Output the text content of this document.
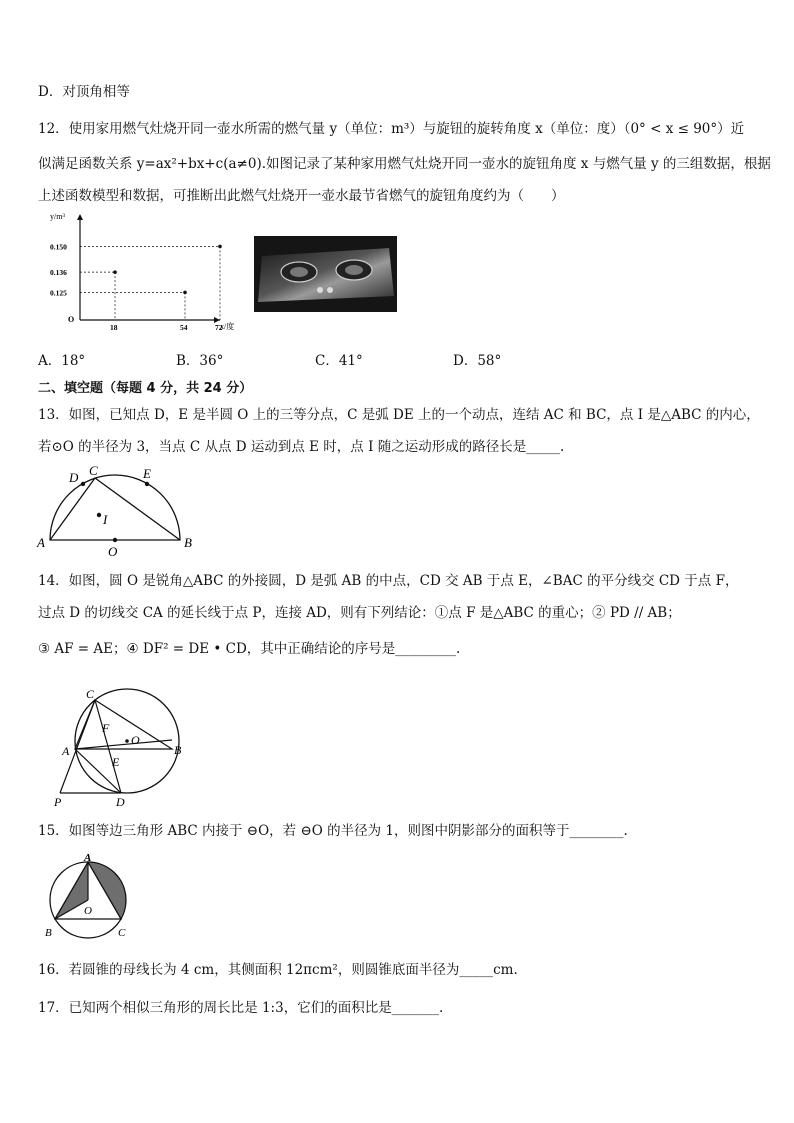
D．对顶角相等
12．使用家用燃气灶烧开同一壶水所需的燃气量 y（单位：m³）与旋钮的旋转角度 x（单位：度）（0° < x ≤ 90°）近
似满足函数关系 y=ax²+bx+c(a≠0).如图记录了某种家用燃气灶烧开同一壶水的旋钮角度 x 与燃气量 y 的三组数据，根据
上述函数模型和数据，可推断出此燃气灶烧开一壶水最节省燃气的旋钮角度约为（　　）
y/m³
x/度
O
18	54	72
0.150
0.136
0.125
A．18°	B．36°	C．41°	D．58°
二、填空题（每题 4 分，共 24 分）
13．如图，已知点 D，E 是半圆 O 上的三等分点，C 是弧 DE 上的一个动点，连结 AC 和 BC，点 I 是△ABC 的内心，
若⊙O 的半径为 3，当点 C 从点 D 运动到点 E 时，点 I 随之运动形成的路径长是_____.
A	B
C
D	E
I
O
14．如图，圆 O 是锐角△ABC 的外接圆，D 是弧 AB 的中点，CD 交 AB 于点 E，∠BAC 的平分线交 CD 于点 F，
过点 D 的切线交 CA 的延长线于点 P，连接 AD，则有下列结论：①点 F 是△ABC 的重心；② PD // AB；
③ AF = AE；④ DF² = DE • CD，其中正确结论的序号是_________.
C
A	B
F
O
E
P	D
15．如图等边三角形 ABC 内接于 ⊖O，若 ⊖O 的半径为 1，则图中阴影部分的面积等于________.
A
B	C
O
16．若圆锥的母线长为 4 cm，其侧面积 12πcm²，则圆锥底面半径为_____cm.
17．已知两个相似三角形的周长比是 1:3，它们的面积比是_______.
